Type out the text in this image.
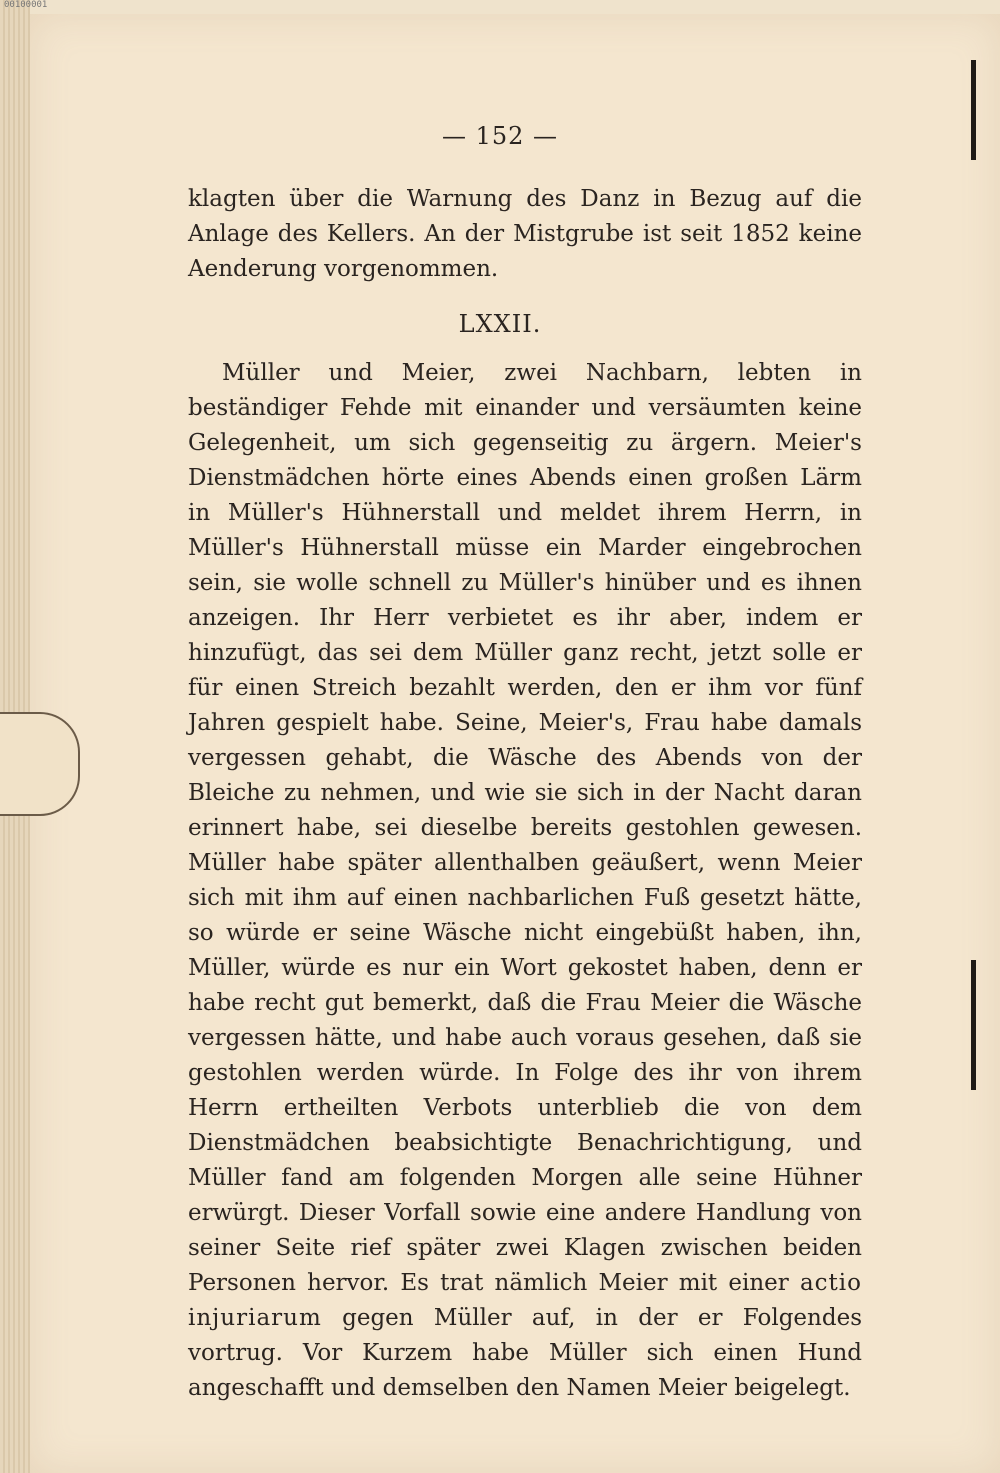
00100001
— 152 —

klagten über die Warnung des Danz in Bezug auf die Anlage des Kellers. An der Mistgrube ist seit 1852 keine Aenderung vorgenommen.

LXXII.

Müller und Meier, zwei Nachbarn, lebten in beständiger Fehde mit einander und versäumten keine Gelegenheit, um sich gegenseitig zu ärgern. Meier's Dienstmädchen hörte eines Abends einen großen Lärm in Müller's Hühnerstall und meldet ihrem Herrn, in Müller's Hühnerstall müsse ein Marder eingebrochen sein, sie wolle schnell zu Müller's hinüber und es ihnen anzeigen. Ihr Herr verbietet es ihr aber, indem er hinzufügt, das sei dem Müller ganz recht, jetzt solle er für einen Streich bezahlt werden, den er ihm vor fünf Jahren gespielt habe. Seine, Meier's, Frau habe damals vergessen gehabt, die Wäsche des Abends von der Bleiche zu nehmen, und wie sie sich in der Nacht daran erinnert habe, sei dieselbe bereits gestohlen gewesen. Müller habe später allenthalben geäußert, wenn Meier sich mit ihm auf einen nachbarlichen Fuß gesetzt hätte, so würde er seine Wäsche nicht eingebüßt haben, ihn, Müller, würde es nur ein Wort gekostet haben, denn er habe recht gut bemerkt, daß die Frau Meier die Wäsche vergessen hätte, und habe auch voraus gesehen, daß sie gestohlen werden würde. In Folge des ihr von ihrem Herrn ertheilten Verbots unterblieb die von dem Dienstmädchen beabsichtigte Benachrichtigung, und Müller fand am folgenden Morgen alle seine Hühner erwürgt. Dieser Vorfall sowie eine andere Handlung von seiner Seite rief später zwei Klagen zwischen beiden Personen hervor. Es trat nämlich Meier mit einer actio injuriarum gegen Müller auf, in der er Folgendes vortrug. Vor Kurzem habe Müller sich einen Hund angeschafft und demselben den Namen Meier beigelegt.
